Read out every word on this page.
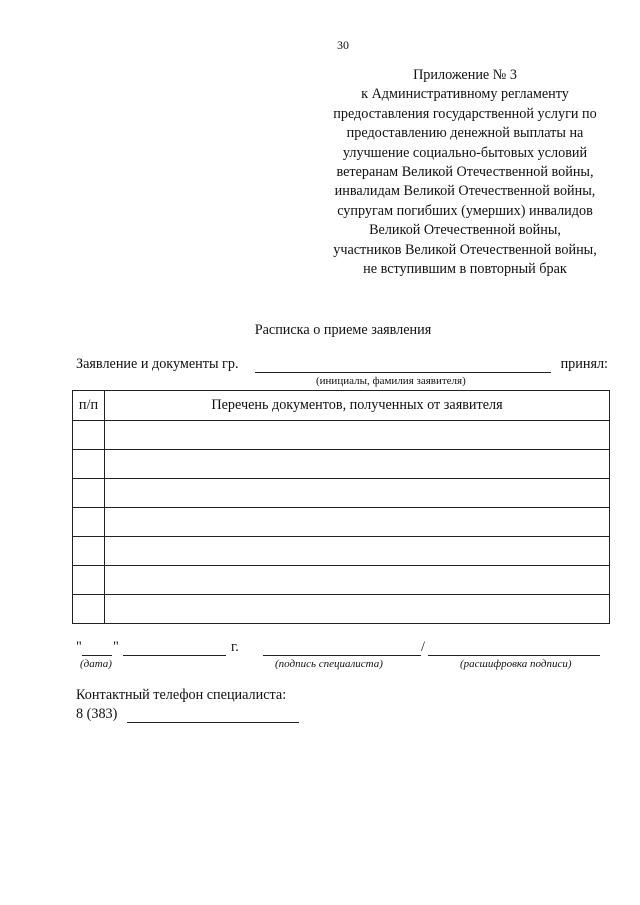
30
Приложение № 3
к Административному регламенту
предоставления государственной услуги по
предоставлению денежной выплаты на
улучшение социально-бытовых условий
ветеранам Великой Отечественной войны,
инвалидам Великой Отечественной войны,
супругам погибших (умерших) инвалидов
Великой Отечественной войны,
участников Великой Отечественной войны,
не вступившим в повторный брак
Расписка о приеме заявления
Заявление и документы гр.	принял:
(инициалы, фамилия заявителя)
п/п	Перечень документов, полученных от заявителя

" "	г.	/
(дата)	(подпись специалиста)	(расшифровка подписи)
Контактный телефон специалиста:
8 (383)
